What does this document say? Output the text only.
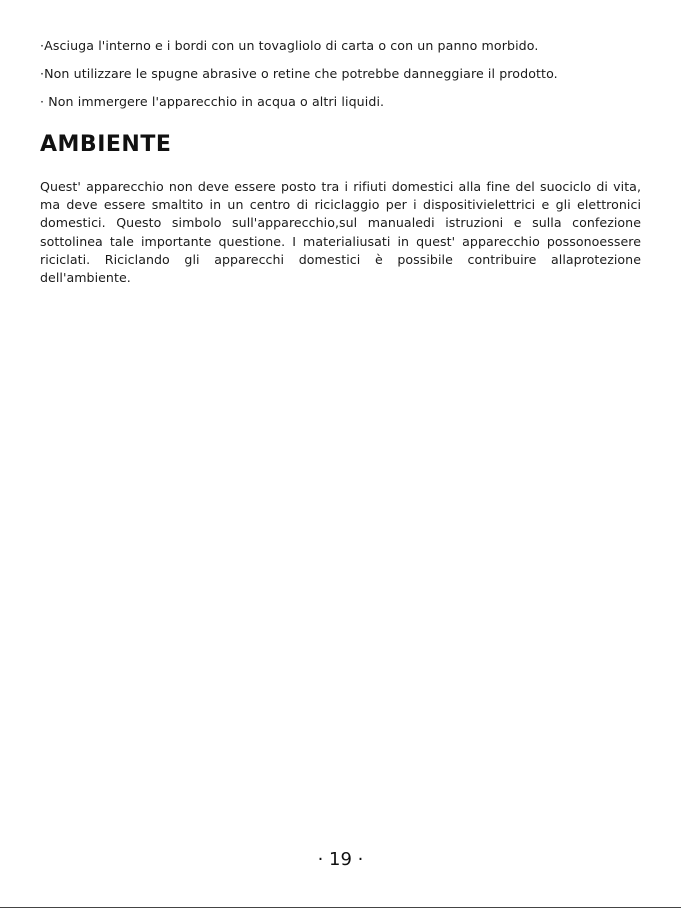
·Asciuga l'interno e i bordi con un tovagliolo di carta o con un panno morbido.
·Non utilizzare le spugne abrasive o retine che potrebbe danneggiare il prodotto.
· Non immergere l'apparecchio in acqua o altri liquidi.
AMBIENTE

Quest' apparecchio non deve essere posto tra i rifiuti domestici alla fine del suociclo di vita, ma deve essere smaltito in un centro di riciclaggio per i dispositivielettrici e gli elettronici domestici. Questo simbolo sull'apparecchio,sul manualedi istruzioni e sulla confezione sottolinea tale importante questione. I materialiusati in quest' apparecchio possonoessere riciclati. Riciclando gli apparecchi domestici è possibile contribuire allaprotezione dell'ambiente.

· 19 ·
